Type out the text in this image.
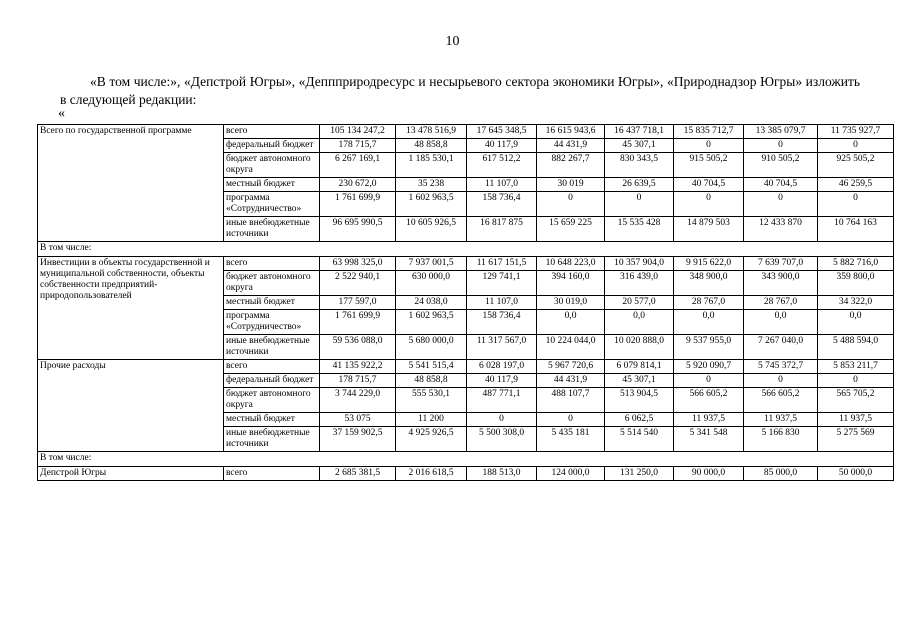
10
«В том числе:», «Депстрой Югры», «Деппприродресурс и несырьевого сектора экономики Югры», «Природнадзор Югры» изложить в следующей редакции:
«
Всего по государственной программе	всего	105 134 247,2	13 478 516,9	17 645 348,5	16 615 943,6	16 437 718,1	15 835 712,7	13 385 079,7	11 735 927,7
	федеральный бюджет	178 715,7	48 858,8	40 117,9	44 431,9	45 307,1	0	0	0
	бюджет автономного округа	6 267 169,1	1 185 530,1	617 512,2	882 267,7	830 343,5	915 505,2	910 505,2	925 505,2
	местный бюджет	230 672,0	35 238	11 107,0	30 019	26 639,5	40 704,5	40 704,5	46 259,5
	программа «Сотрудничество»	1 761 699,9	1 602 963,5	158 736,4	0	0	0	0	0
	иные внебюджетные источники	96 695 990,5	10 605 926,5	16 817 875	15 659 225	15 535 428	14 879 503	12 433 870	10 764 163
В том числе:									
Инвестиции в объекты государственной и муниципальной собственности, объекты собственности предприятий-природопользователей	всего	63 998 325,0	7 937 001,5	11 617 151,5	10 648 223,0	10 357 904,0	9 915 622,0	7 639 707,0	5 882 716,0
	бюджет автономного округа	2 522 940,1	630 000,0	129 741,1	394 160,0	316 439,0	348 900,0	343 900,0	359 800,0
	местный бюджет	177 597,0	24 038,0	11 107,0	30 019,0	20 577,0	28 767,0	28 767,0	34 322,0
	программа «Сотрудничество»	1 761 699,9	1 602 963,5	158 736,4	0,0	0,0	0,0	0,0	0,0
	иные внебюджетные источники	59 536 088,0	5 680 000,0	11 317 567,0	10 224 044,0	10 020 888,0	9 537 955,0	7 267 040,0	5 488 594,0
Прочие расходы	всего	41 135 922,2	5 541 515,4	6 028 197,0	5 967 720,6	6 079 814,1	5 920 090,7	5 745 372,7	5 853 211,7
	федеральный бюджет	178 715,7	48 858,8	40 117,9	44 431,9	45 307,1	0	0	0
	бюджет автономного округа	3 744 229,0	555 530,1	487 771,1	488 107,7	513 904,5	566 605,2	566 605,2	565 705,2
	местный бюджет	53 075	11 200	0	0	6 062,5	11 937,5	11 937,5	11 937,5
	иные внебюджетные источники	37 159 902,5	4 925 926,5	5 500 308,0	5 435 181	5 514 540	5 341 548	5 166 830	5 275 569
В том числе:									
Депстрой Югры	всего	2 685 381,5	2 016 618,5	188 513,0	124 000,0	131 250,0	90 000,0	85 000,0	50 000,0
